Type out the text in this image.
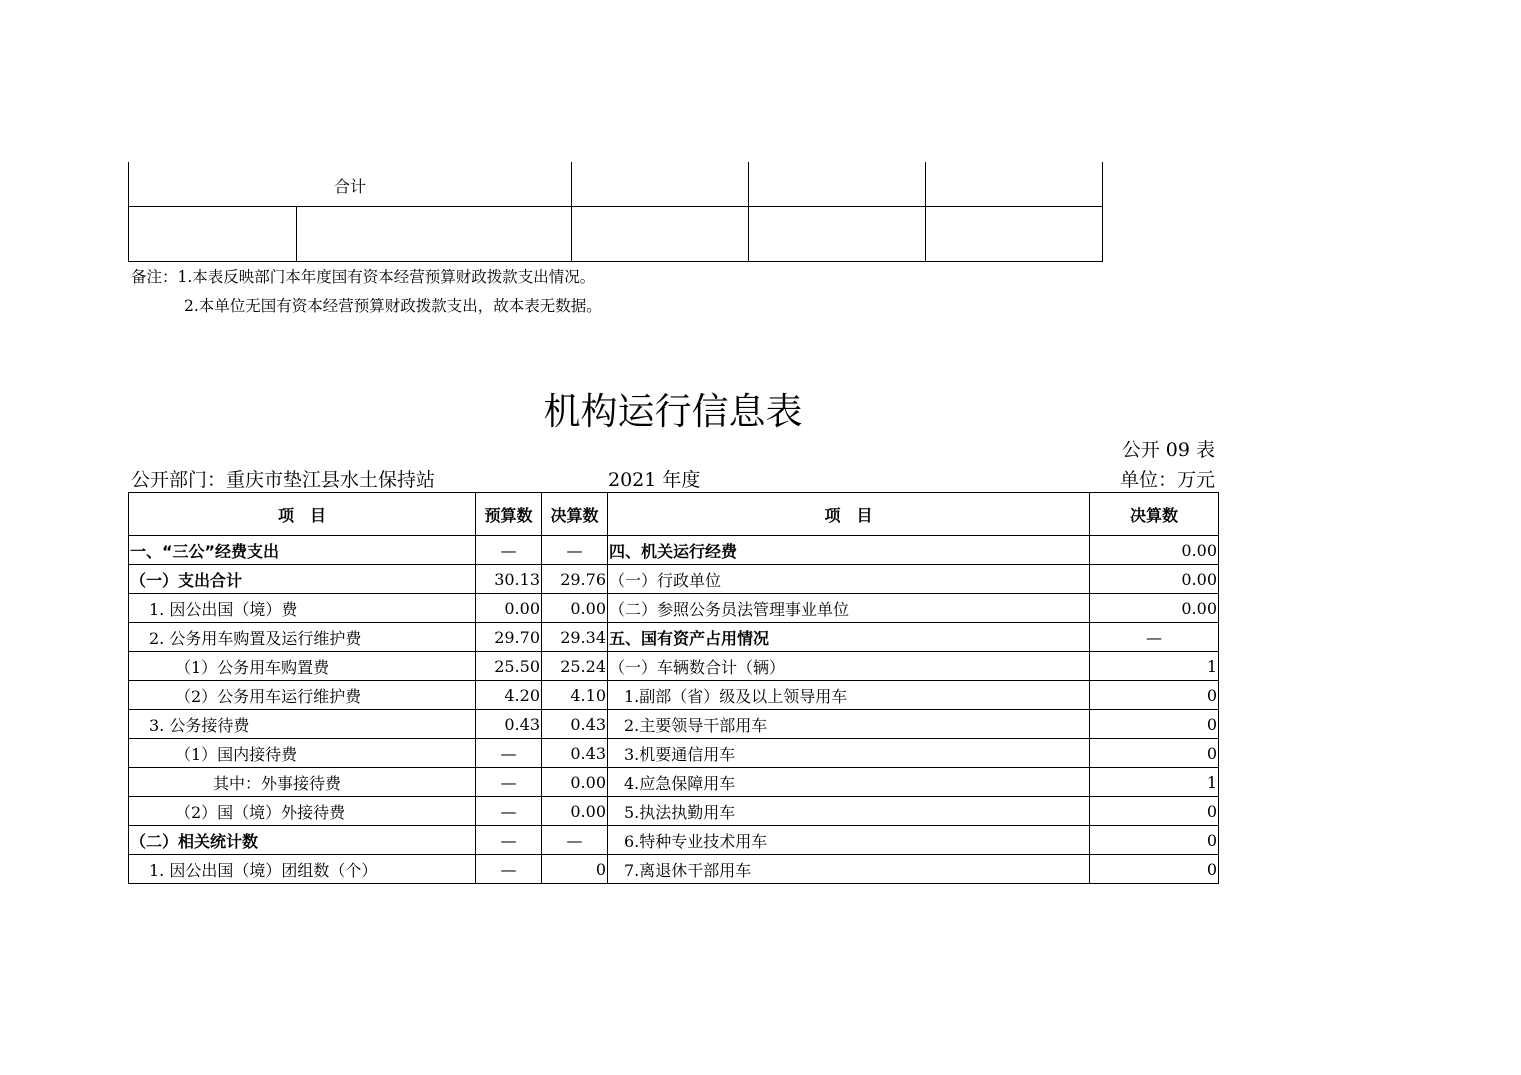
合计				

备注：1.本表反映部门本年度国有资本经营预算财政拨款支出情况。
2.本单位无国有资本经营预算财政拨款支出，故本表无数据。
机构运行信息表
公开 09 表
公开部门：重庆市垫江县水土保持站	2021 年度	单位：万元
项　目	预算数	决算数	项　目	决算数
一、“三公”经费支出	—	—	四、机关运行经费	0.00
（一）支出合计	30.13	29.76	（一）行政单位	0.00
1. 因公出国（境）费	0.00	0.00	（二）参照公务员法管理事业单位	0.00
2. 公务用车购置及运行维护费	29.70	29.34	五、国有资产占用情况	—
（1）公务用车购置费	25.50	25.24	（一）车辆数合计（辆）	1
（2）公务用车运行维护费	4.20	4.10	1.副部（省）级及以上领导用车	0
3. 公务接待费	0.43	0.43	2.主要领导干部用车	0
（1）国内接待费	—	0.43	3.机要通信用车	0
其中：外事接待费	—	0.00	4.应急保障用车	1
（2）国（境）外接待费	—	0.00	5.执法执勤用车	0
（二）相关统计数	—	—	6.特种专业技术用车	0
1. 因公出国（境）团组数（个）	—	0	7.离退休干部用车	0
